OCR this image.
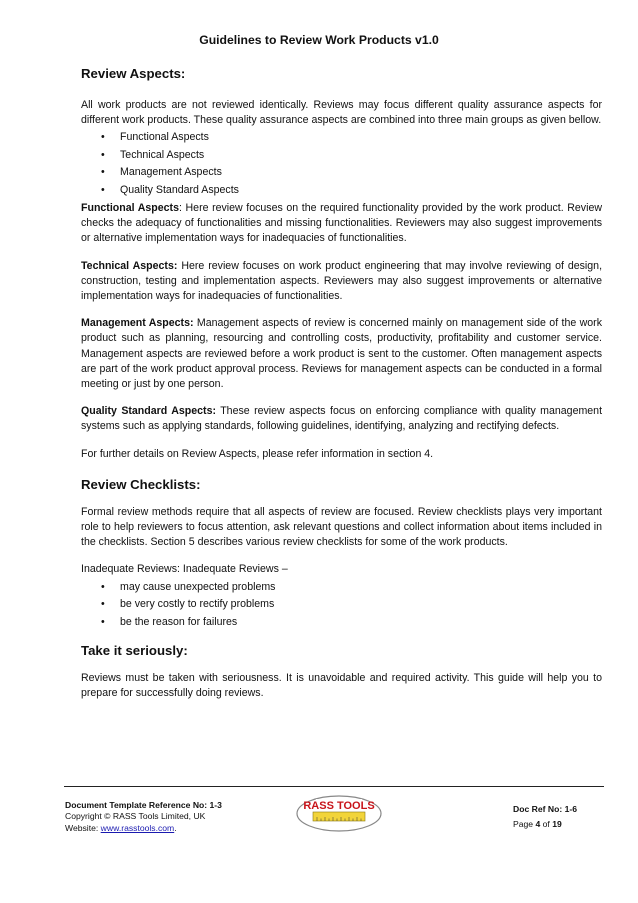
Guidelines to Review Work Products v1.0
Review Aspects:

All work products are not reviewed identically. Reviews may focus different quality assurance aspects for different work products. These quality assurance aspects are combined into three main groups as given bellow.

• Functional Aspects
• Technical Aspects
• Management Aspects
• Quality Standard Aspects

Functional Aspects: Here review focuses on the required functionality provided by the work product. Review checks the adequacy of functionalities and missing functionalities. Reviewers may also suggest improvements or alternative implementation ways for inadequacies of functionalities.

Technical Aspects: Here review focuses on work product engineering that may involve reviewing of design, construction, testing and implementation aspects. Reviewers may also suggest improvements or alternative implementation ways for inadequacies of functionalities.

Management Aspects: Management aspects of review is concerned mainly on management side of the work product such as planning, resourcing and controlling costs, productivity, profitability and customer service. Management aspects are reviewed before a work product is sent to the customer. Often management aspects are part of the work product approval process. Reviews for management aspects can be conducted in a formal meeting or just by one person.

Quality Standard Aspects: These review aspects focus on enforcing compliance with quality management systems such as applying standards, following guidelines, identifying, analyzing and rectifying defects.

For further details on Review Aspects, please refer information in section 4.

Review Checklists:

Formal review methods require that all aspects of review are focused. Review checklists plays very important role to help reviewers to focus attention, ask relevant questions and collect information about items included in the checklists. Section 5 describes various review checklists for some of the work products.

Inadequate Reviews: Inadequate Reviews –

• may cause unexpected problems
• be very costly to rectify problems
• be the reason for failures
Take it seriously:

Reviews must be taken with seriousness. It is unavoidable and required activity. This guide will help you to prepare for successfully doing reviews.

Document Template Reference No: 1-3
Copyright © RASS Tools Limited, UK
Website: www.rasstools.com.
RASS TOOLS	Doc Ref No: 1-6
Page 4 of 19
